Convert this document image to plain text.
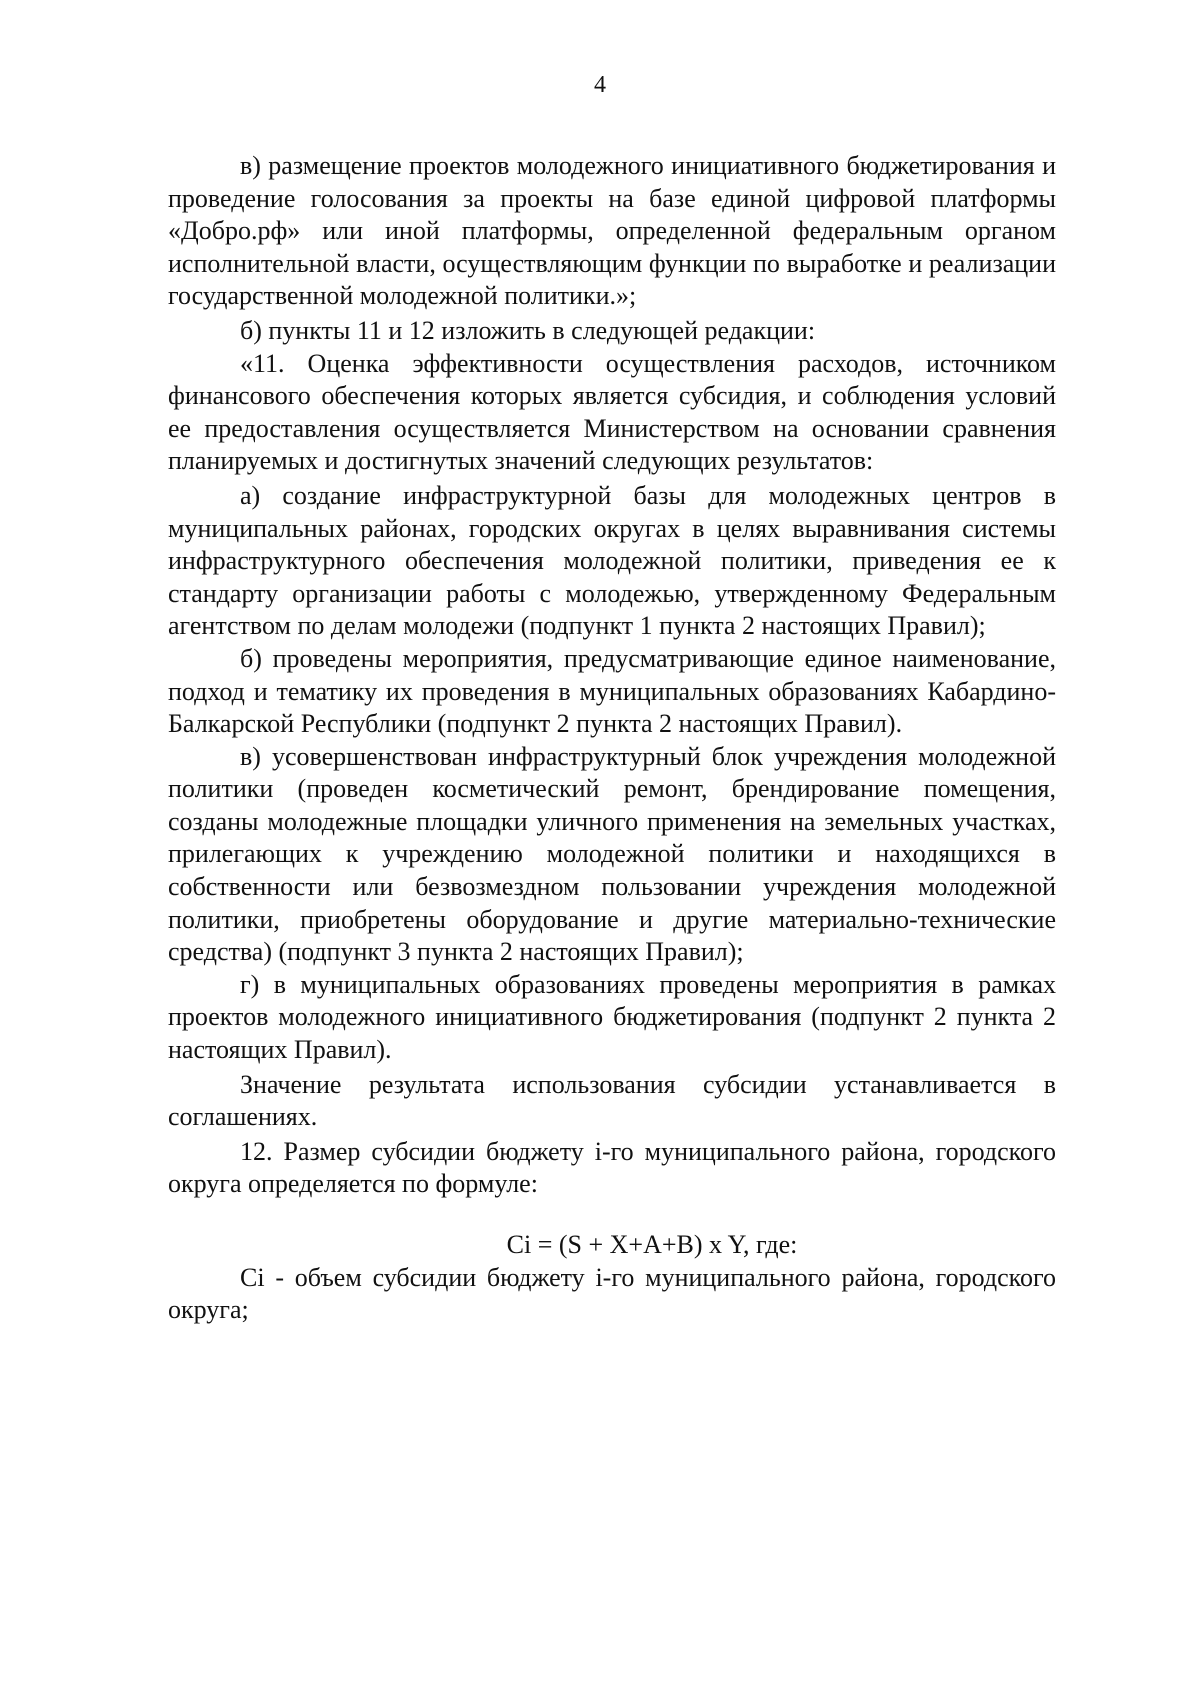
4

в) размещение проектов молодежного инициативного бюджетирования и проведение голосования за проекты на базе единой цифровой платформы «Добро.рф» или иной платформы, определенной федеральным органом исполнительной власти, осуществляющим функции по выработке и реализации государственной молодежной политики.»;

б) пункты 11 и 12 изложить в следующей редакции:

«11. Оценка эффективности осуществления расходов, источником финансового обеспечения которых является субсидия, и соблюдения условий ее предоставления осуществляется Министерством на основании сравнения планируемых и достигнутых значений следующих результатов:

а) создание инфраструктурной базы для молодежных центров в муниципальных районах, городских округах в целях выравнивания системы инфраструктурного обеспечения молодежной политики, приведения ее к стандарту организации работы с молодежью, утвержденному Федеральным агентством по делам молодежи (подпункт 1 пункта 2 настоящих Правил);

б) проведены мероприятия, предусматривающие единое наименование, подход и тематику их проведения в муниципальных образованиях Кабардино-Балкарской Республики (подпункт 2 пункта 2 настоящих Правил).

в) усовершенствован инфраструктурный блок учреждения молодежной политики (проведен косметический ремонт, брендирование помещения, созданы молодежные площадки уличного применения на земельных участках, прилегающих к учреждению молодежной политики и находящихся в собственности или безвозмездном пользовании учреждения молодежной политики, приобретены оборудование и другие материально-технические средства) (подпункт 3 пункта 2 настоящих Правил);

г) в муниципальных образованиях проведены мероприятия в рамках проектов молодежного инициативного бюджетирования (подпункт 2 пункта 2 настоящих Правил).

Значение результата использования субсидии устанавливается в соглашениях.

12. Размер субсидии бюджету i-го муниципального района, городского округа определяется по формуле:

Ci = (S + X+A+B) x Y, где:

Ci - объем субсидии бюджету i-го муниципального района, городского округа;
